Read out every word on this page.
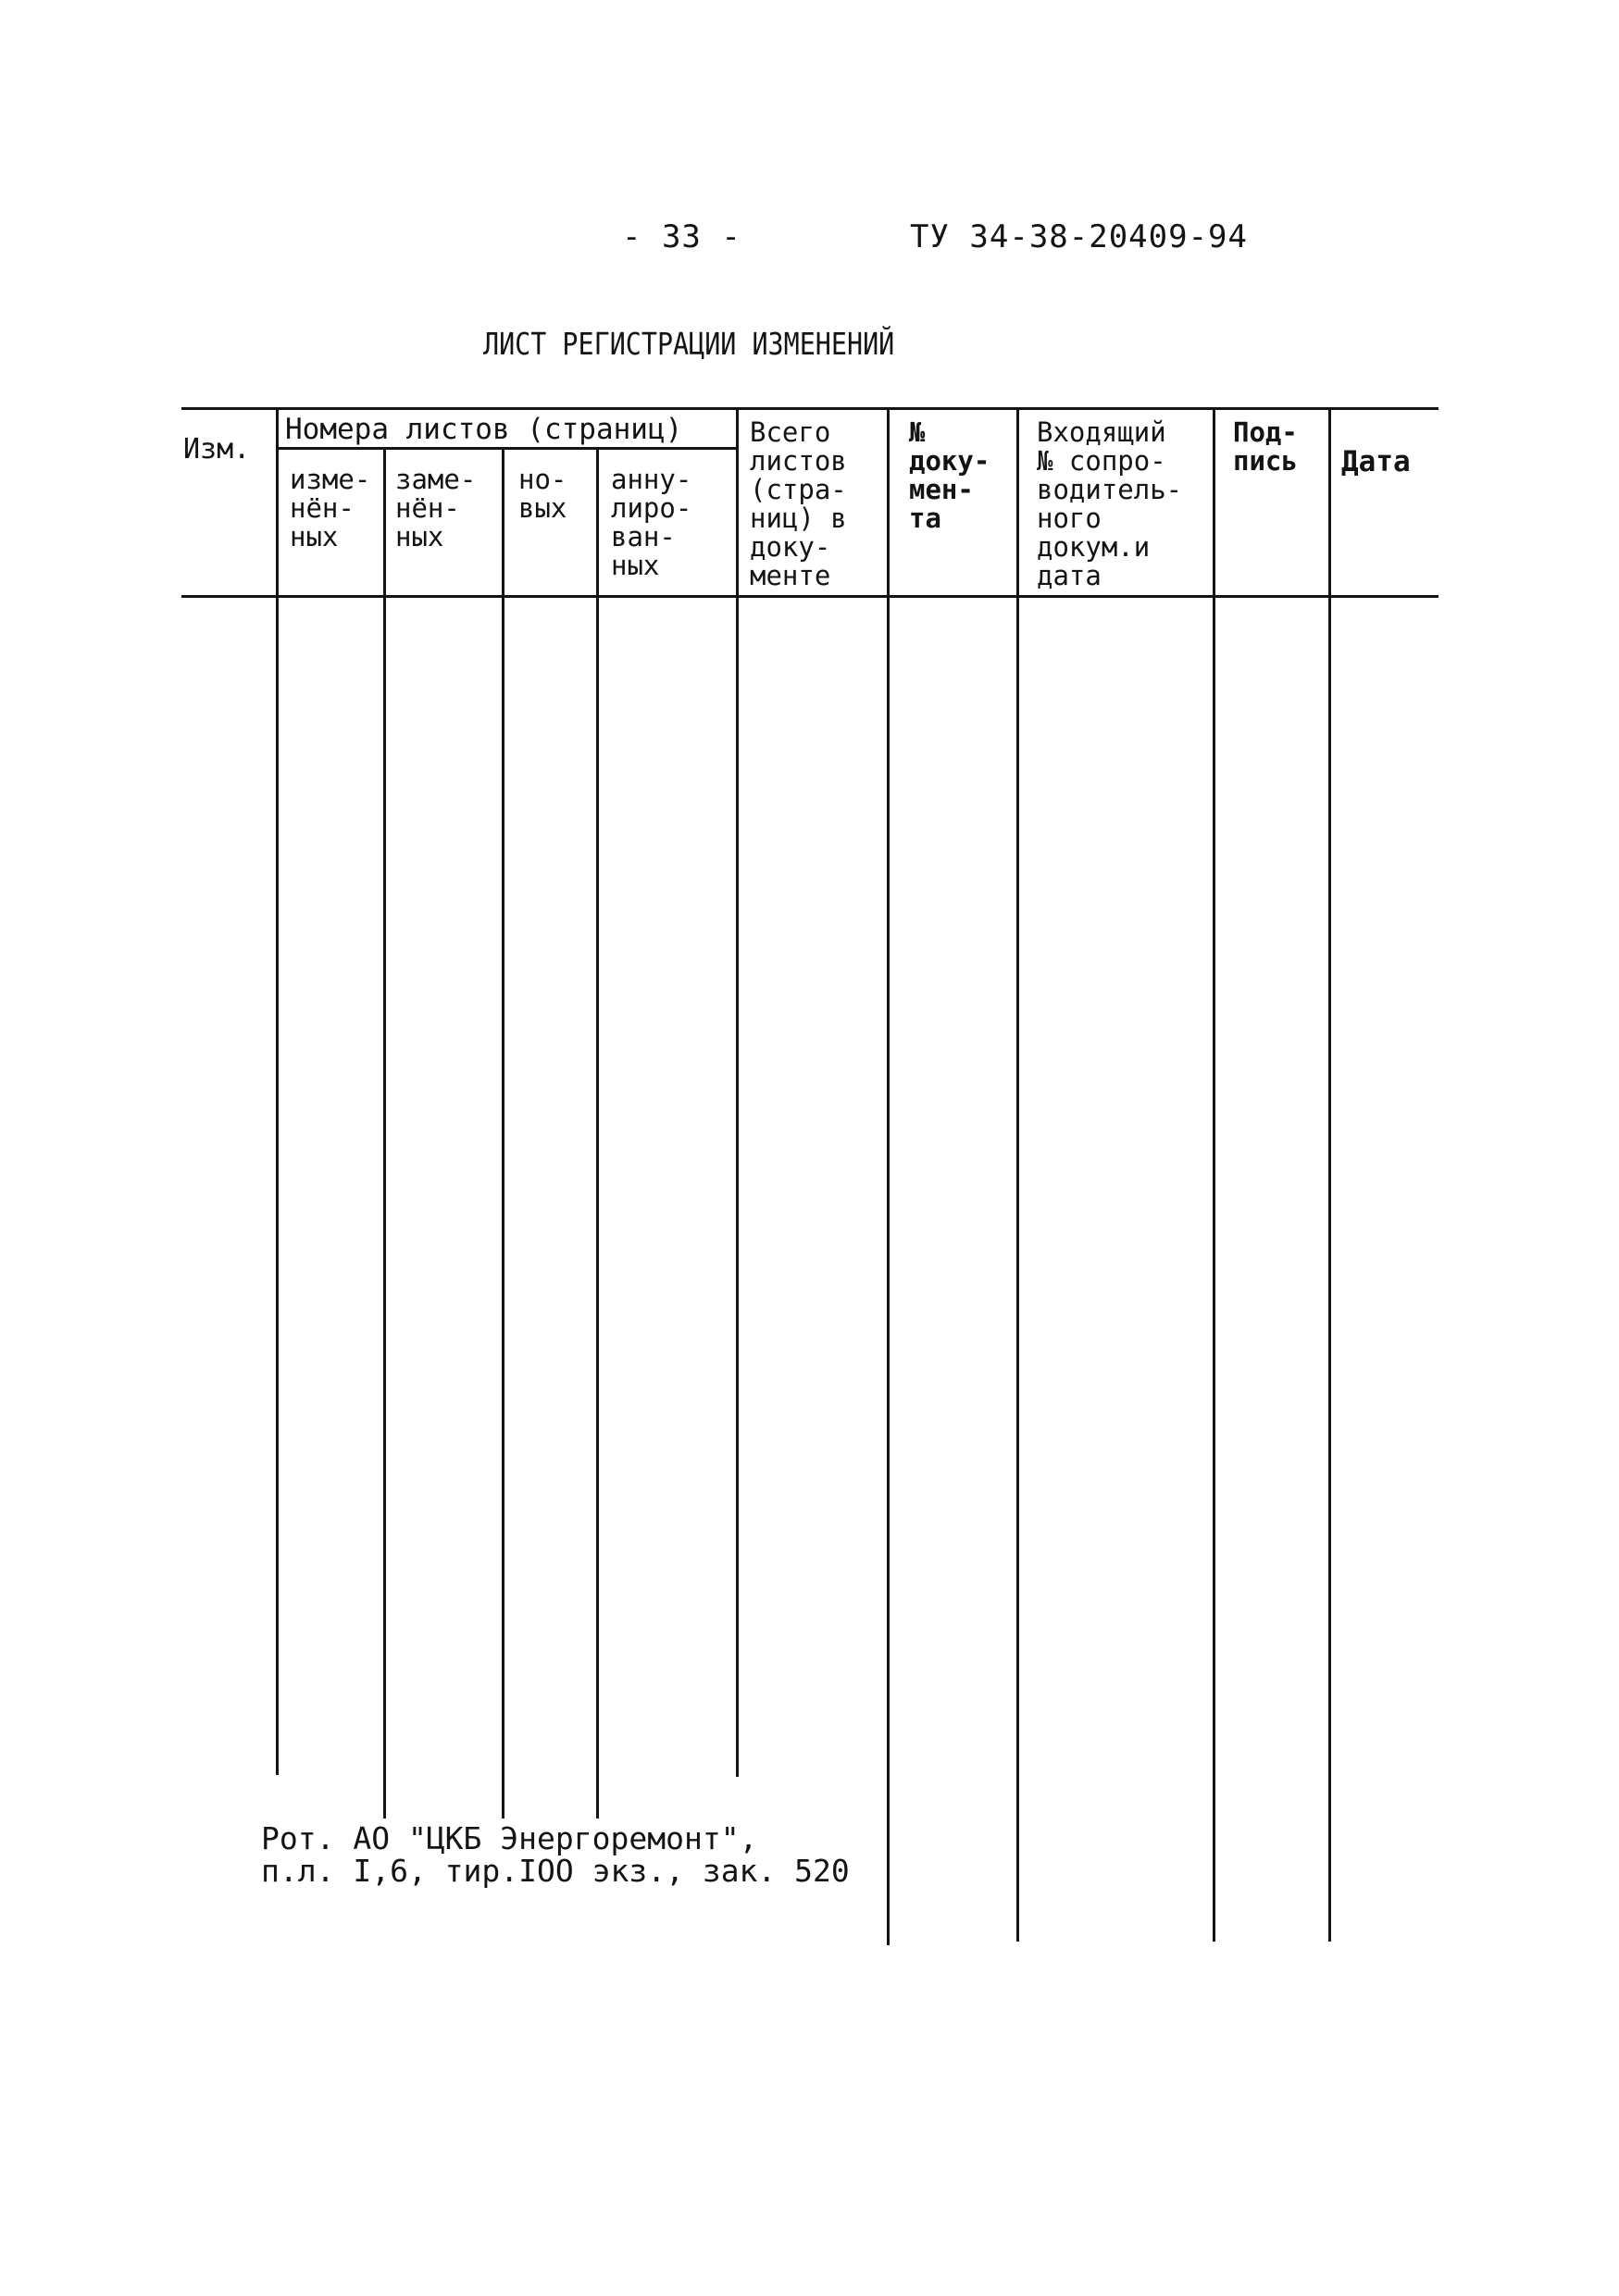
- 33 -	ТУ 34-38-20409-94
ЛИСТ РЕГИСТРАЦИИ ИЗМЕНЕНИЙ
Изм.
Номера листов (страниц)
изме-
нён-
ных
заме-
нён-
ных
но-
вых
анну-
лиро-
ван-
ных
Всего
листов
(стра-
ниц) в
доку-
менте
№
доку-
мен-
та
Входящий
№ сопро-
водитель-
ного
докум.и
дата
Под-
пись Дата
Рот. АО "ЦКБ Энергоремонт",
п.л. I,6, тир.IOO экз., зак. 520
